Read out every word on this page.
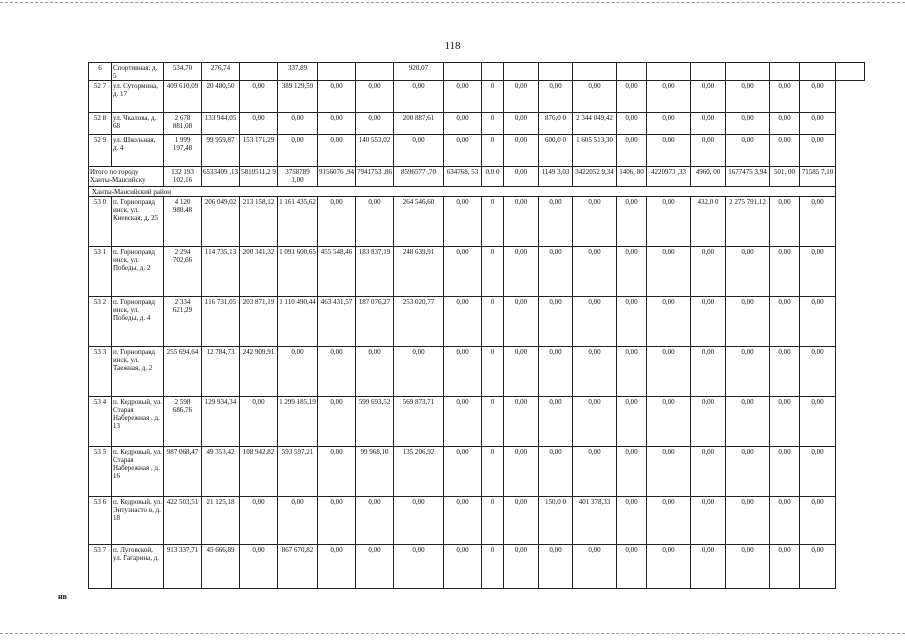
118
6	Спортивная, д. 5	534,70	276,74		337,89			920,07												
52 7	ул. Сутормина, д. 17	409 610,09	20 480,50	0,00	389 129,59	0,00	0,00	0,00	0,00	0	0,00	0,00	0,00	0,00	0,00	0,00	0,00	0,00	0,00	
52 8	ул. Чкалова, д. 68	2 678 881,08	133 944,05	0,00	0,00	0,00	0,00	200 887,61	0,00	0	0,00	876,0 0	2 344 049,42	0,00	0,00	0,00	0,00	0,00	0,00	
52 9	ул. Школьная, д. 4	1 999 197,48	99 959,87	153 171,29	0,00	0,00	140 553,02	0,00	0,00	0	0,00	600,0 0	1 605 513,30	0,00	0,00	0,00	0,00	0,00	0,00	
Итого по городу Ханты-Мансийску		132 193 102,16	6533409 ,13	5810511,2 9	3758789 1,00	9156076 ,94	7941753 ,86	8596577 ,70	634768, 53	0,0 0	0,00	1149 3,03	3422052 9,34	1406, 80	4220973 ,33	4960, 00	1677475 3,94	501, 00	71585 7,10	
Ханты-Мансийский район																				
53 0	п. Горноправд инск, ул. Киевская, д. 25	4 120 980,48	206 049,02	213 158,12	1 161 435,62	0,00	0,00	264 546,60	0,00	0	0,00	0,00	0,00	0,00	0,00	432,0 0	2 275 791,12	0,00	0,00	
53 1	п. Горноправд инск, ул. Победы, д. 2	2 294 702,66	114 735,13	200 341,32	1 091 600,65	455 548,46	183 837,19	248 639,91	0,00	0	0,00	0,00	0,00	0,00	0,00	0,00	0,00	0,00	0,00	
53 2	п. Горноправд инск, ул. Победы, д. 4	2 334 621,29	116 731,05	203 871,19	1 110 490,44	463 431,57	187 076,27	253 020,77	0,00	0	0,00	0,00	0,00	0,00	0,00	0,00	0,00	0,00	0,00	
53 3	п. Горноправд инск, ул. Таежная, д. 2	255 694,64	12 784,73	242 909,91	0,00	0,00	0,00	0,00	0,00	0	0,00	0,00	0,00	0,00	0,00	0,00	0,00	0,00	0,00	
53 4	п. Кедровый, ул. Старая Набережная , д. 13	2 598 686,76	129 934,34	0,00	1 299 185,19	0,00	599 693,52	569 873,71	0,00	0	0,00	0,00	0,00	0,00	0,00	0,00	0,00	0,00	0,00	
53 5	п. Кедровый, ул. Старая Набережная , д. 16	987 068,47	49 353,42	108 942,82	593 597,21	0,00	99 968,10	135 206,92	0,00	0	0,00	0,00	0,00	0,00	0,00	0,00	0,00	0,00	0,00	
53 6	п. Кедровый, ул. Энтузиасто в, д. 18	422 503,51	21 125,18	0,00	0,00	0,00	0,00	0,00	0,00	0	0,00	150,0 0	401 378,33	0,00	0,00	0,00	0,00	0,00	0,00	
53 7	п. Луговской, ул. Гагарина, д.	913 337,71	45 666,89	0,00	867 670,82	0,00	0,00	0,00	0,00	0	0,00	0,00	0,00	0,00	0,00	0,00	0,00	0,00	0,00	
нв
